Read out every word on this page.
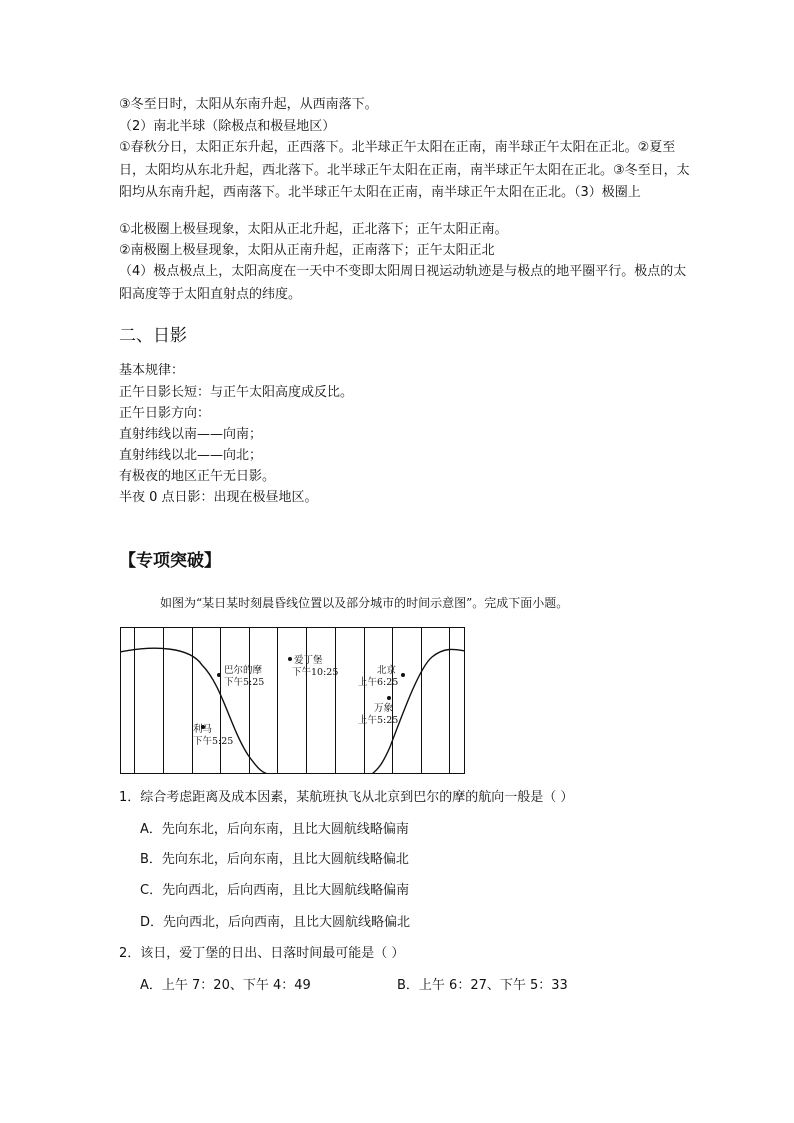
③冬至日时，太阳从东南升起，从西南落下。
（2）南北半球（除极点和极昼地区）
①春秋分日，太阳正东升起，正西落下。北半球正午太阳在正南，南半球正午太阳在正北。②夏至日，太阳均从东北升起，西北落下。北半球正午太阳在正南，南半球正午太阳在正北。③冬至日，太阳均从东南升起，西南落下。北半球正午太阳在正南，南半球正午太阳在正北。（3）极圈上
①北极圈上极昼现象，太阳从正北升起，正北落下；正午太阳正南。
②南极圈上极昼现象，太阳从正南升起，正南落下；正午太阳正北
（4）极点极点上，太阳高度在一天中不变即太阳周日视运动轨迹是与极点的地平圈平行。极点的太阳高度等于太阳直射点的纬度。
二、日影
基本规律：
正午日影长短：与正午太阳高度成反比。
正午日影方向：
直射纬线以南——向南；
直射纬线以北——向北；
有极夜的地区正午无日影。
半夜 0 点日影：出现在极昼地区。
【专项突破】
如图为“某日某时刻晨昏线位置以及部分城市的时间示意图”。完成下面小题。
巴尔的摩
下午5:25
爱丁堡
下午10:25	北京
上午6:25
万象
上午5:25
利马
下午5:25
1．综合考虑距离及成本因素，某航班执飞从北京到巴尔的摩的航向一般是（ ）
A．先向东北，后向东南，且比大圆航线略偏南
B．先向东北，后向东南，且比大圆航线略偏北
C．先向西北，后向西南，且比大圆航线略偏南
D．先向西北，后向西南，且比大圆航线略偏北
2．该日，爱丁堡的日出、日落时间最可能是（ ）
A．上午 7：20、下午 4：49	B．上午 6：27、下午 5：33
